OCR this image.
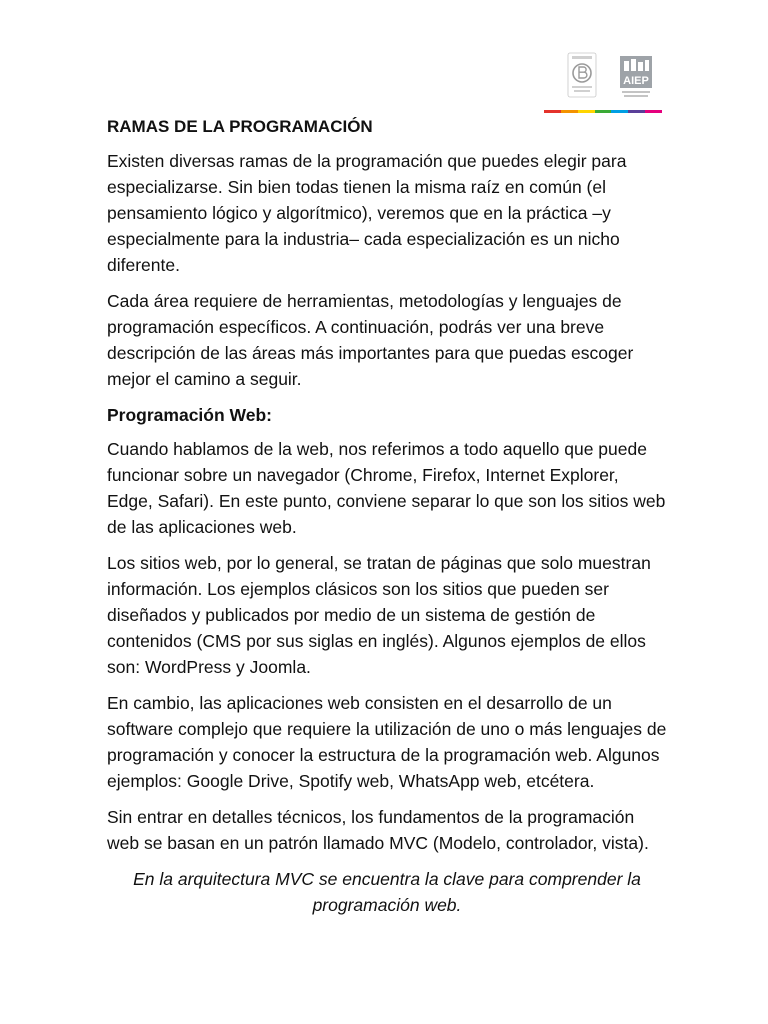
AIEP
RAMAS DE LA PROGRAMACIÓN

Existen diversas ramas de la programación que puedes elegir para especializarse. Sin bien todas tienen la misma raíz en común (el pensamiento lógico y algorítmico), veremos que en la práctica –y especialmente para la industria– cada especialización es un nicho diferente.

Cada área requiere de herramientas, metodologías y lenguajes de programación específicos. A continuación, podrás ver una breve descripción de las áreas más importantes para que puedas escoger mejor el camino a seguir.

Programación Web:

Cuando hablamos de la web, nos referimos a todo aquello que puede funcionar sobre un navegador (Chrome, Firefox, Internet Explorer, Edge, Safari). En este punto, conviene separar lo que son los sitios web de las aplicaciones web.

Los sitios web, por lo general, se tratan de páginas que solo muestran información. Los ejemplos clásicos son los sitios que pueden ser diseñados y publicados por medio de un sistema de gestión de contenidos (CMS por sus siglas en inglés). Algunos ejemplos de ellos son: WordPress y Joomla.

En cambio, las aplicaciones web consisten en el desarrollo de un software complejo que requiere la utilización de uno o más lenguajes de programación y conocer la estructura de la programación web. Algunos ejemplos: Google Drive, Spotify web, WhatsApp web, etcétera.

Sin entrar en detalles técnicos, los fundamentos de la programación web se basan en un patrón llamado MVC (Modelo, controlador, vista).

En la arquitectura MVC se encuentra la clave para comprender la programación web.
